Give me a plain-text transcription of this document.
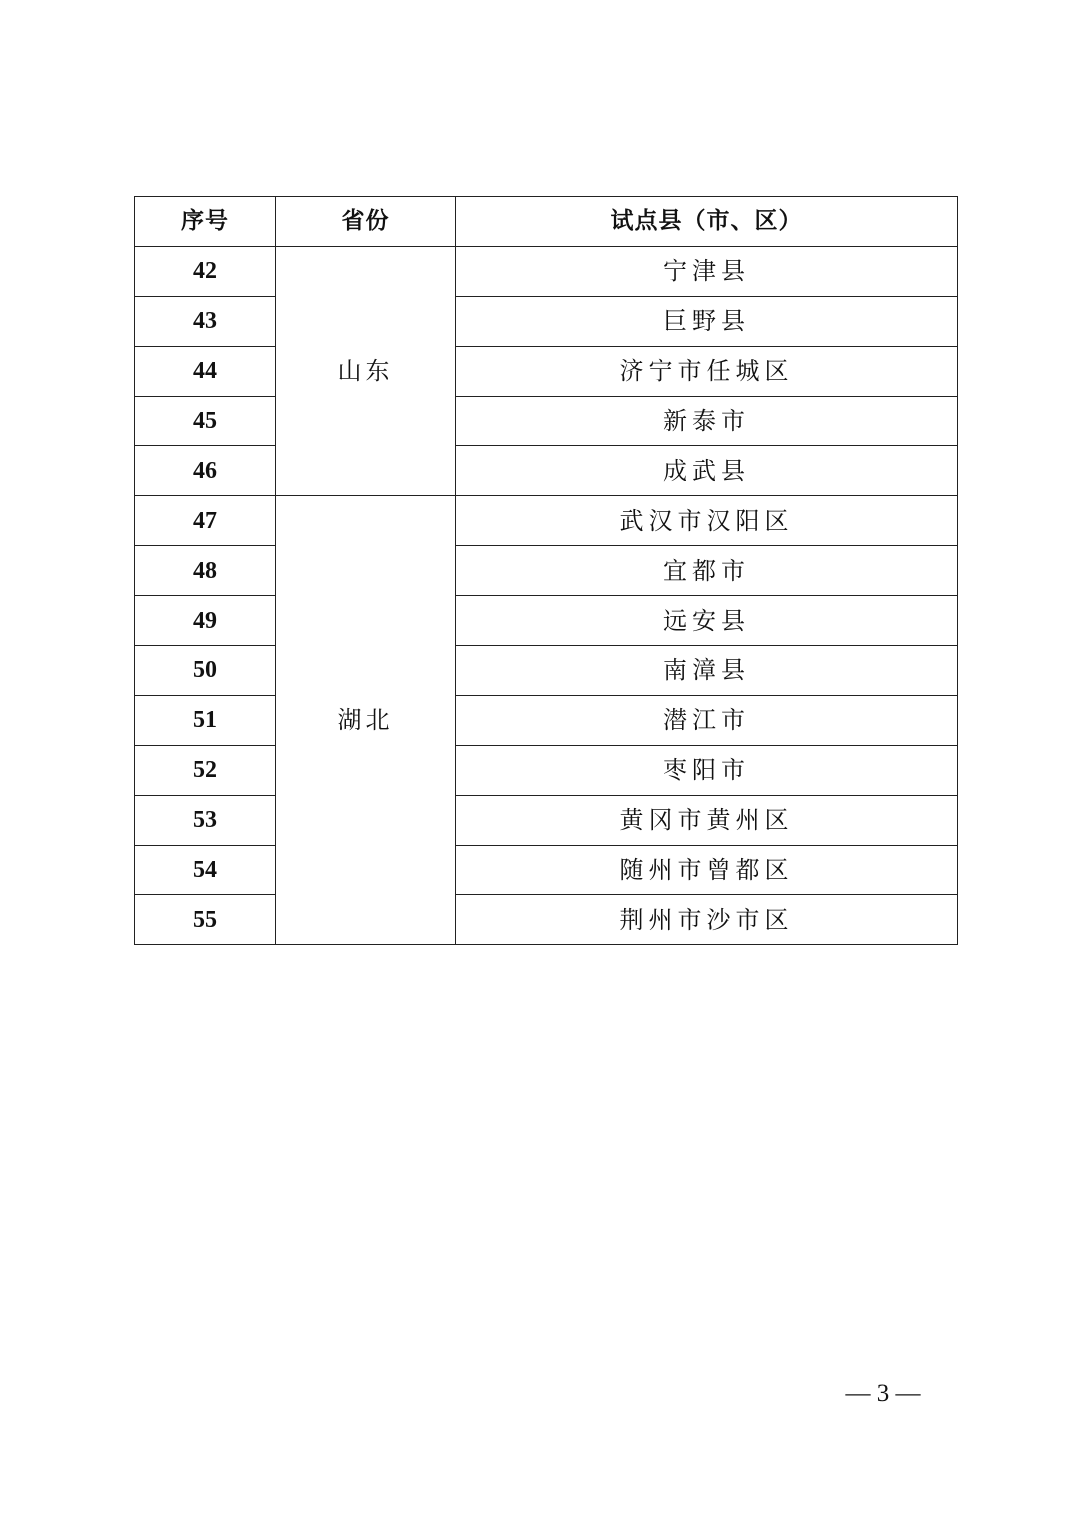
序号	省份	试点县（市、区）
42	山东	宁津县
43		巨野县
44		济宁市任城区
45		新泰市
46		成武县
47	湖北	武汉市汉阳区
48		宜都市
49		远安县
50		南漳县
51		潜江市
52		枣阳市
53		黄冈市黄州区
54		随州市曾都区
55		荆州市沙市区
— 3 —
